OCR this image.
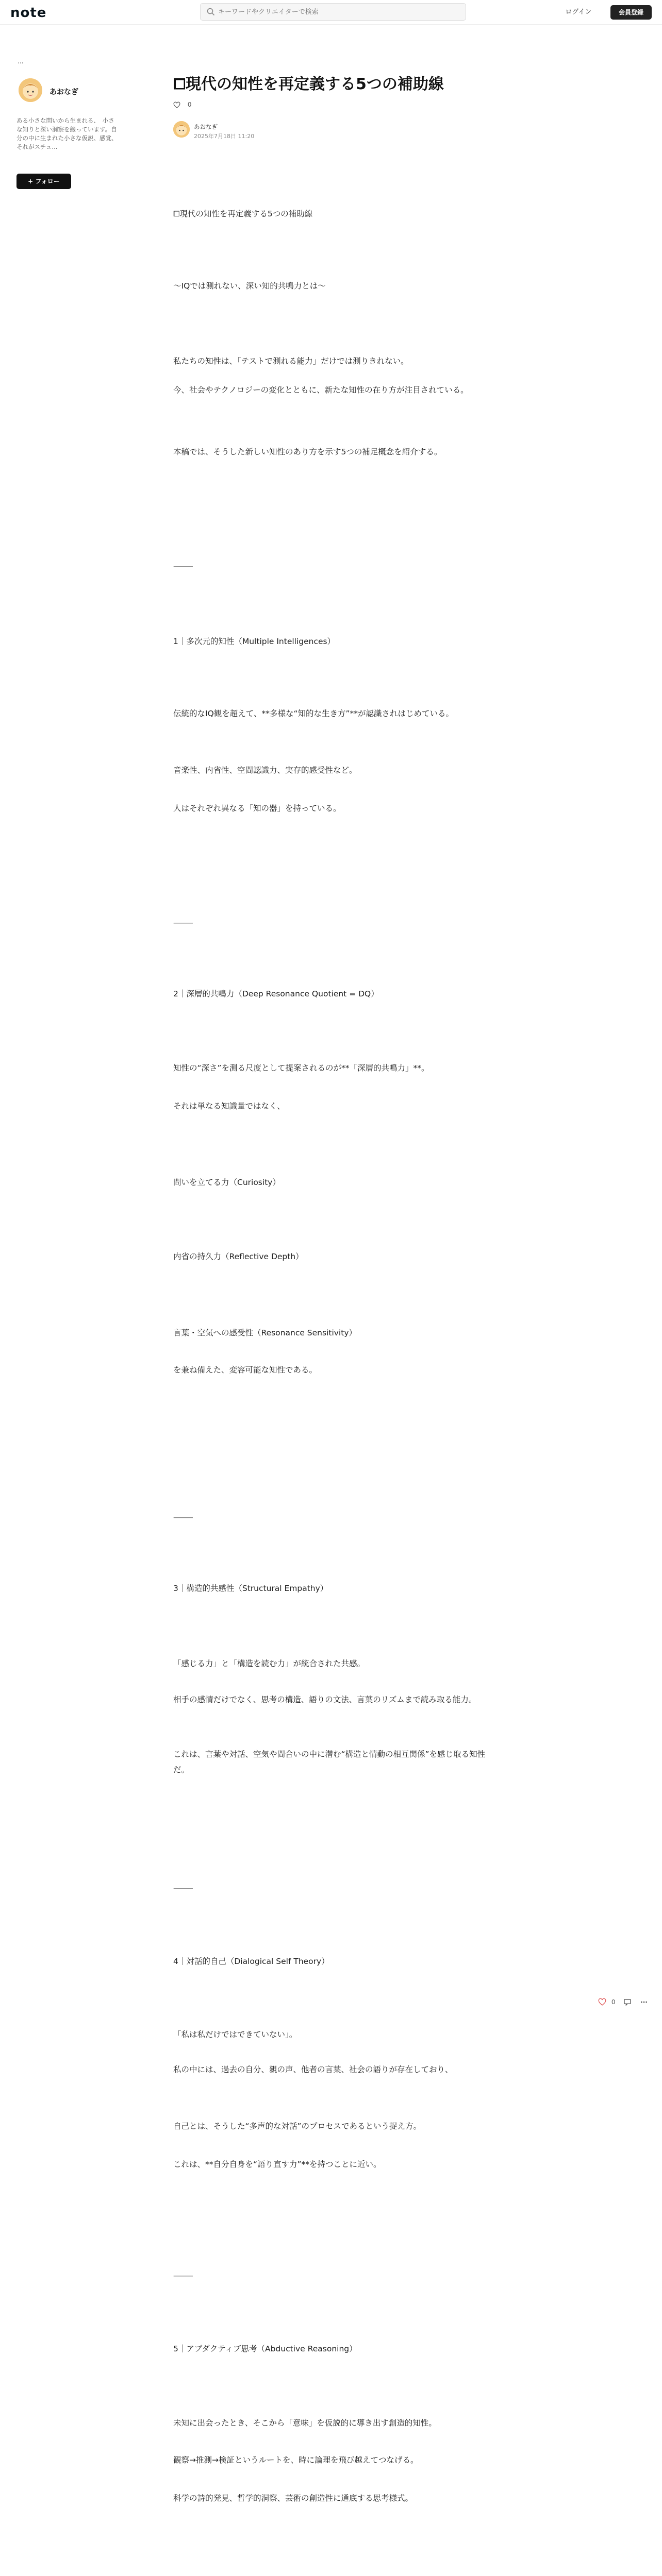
note
キーワードやクリエイターで検索	ログイン	会員登録
...
あおなぎ
ある小さな問いから生まれる、　小さな知りと深い洞察を綴っています。自分の中に生まれた小さな仮説、感覚、それがスチュ...
+ フォロー
⧠現代の知性を再定義する5つの補助線
0
あおなぎ
2025年7月18日 11:20
⧠現代の知性を再定義する5つの補助線
〜IQでは測れない、深い知的共鳴力とは〜
私たちの知性は、「テストで測れる能力」だけでは測りきれない。
今、社会やテクノロジーの変化とともに、新たな知性の在り方が注目されている。
本稿では、そうした新しい知性のあり方を示す5つの補足概念を紹介する。
⸻
1｜多次元的知性（Multiple Intelligences）
伝統的なIQ観を超えて、**多様な“知的な生き方”**が認識されはじめている。
音楽性、内省性、空間認識力、実存的感受性など。
人はそれぞれ異なる「知の器」を持っている。
⸻
2｜深層的共鳴力（Deep Resonance Quotient = DQ）
知性の“深さ”を測る尺度として提案されるのが**「深層的共鳴力」**。
それは単なる知識量ではなく、
問いを立てる力（Curiosity）
内省の持久力（Reflective Depth）
言葉・空気への感受性（Resonance Sensitivity）
を兼ね備えた、変容可能な知性である。
⸻
3｜構造的共感性（Structural Empathy）
「感じる力」と「構造を読む力」が統合された共感。
相手の感情だけでなく、思考の構造、語りの文法、言葉のリズムまで読み取る能力。
これは、言葉や対話、空気や間合いの中に潜む“構造と情動の相互関係”を感じ取る知性だ。
⸻
4｜対話的自己（Dialogical Self Theory）
「私は私だけではできていない」。
私の中には、過去の自分、親の声、他者の言葉、社会の語りが存在しており、
自己とは、そうした“多声的な対話”のプロセスであるという捉え方。
これは、**自分自身を“語り直す力”**を持つことに近い。
⸻
5｜アブダクティブ思考（Abductive Reasoning）
未知に出会ったとき、そこから「意味」を仮説的に導き出す創造的知性。
観察→推測→検証というルートを、時に論理を飛び越えてつなげる。
科学の詩的発見、哲学的洞察、芸術の創造性に通底する思考様式。
0
